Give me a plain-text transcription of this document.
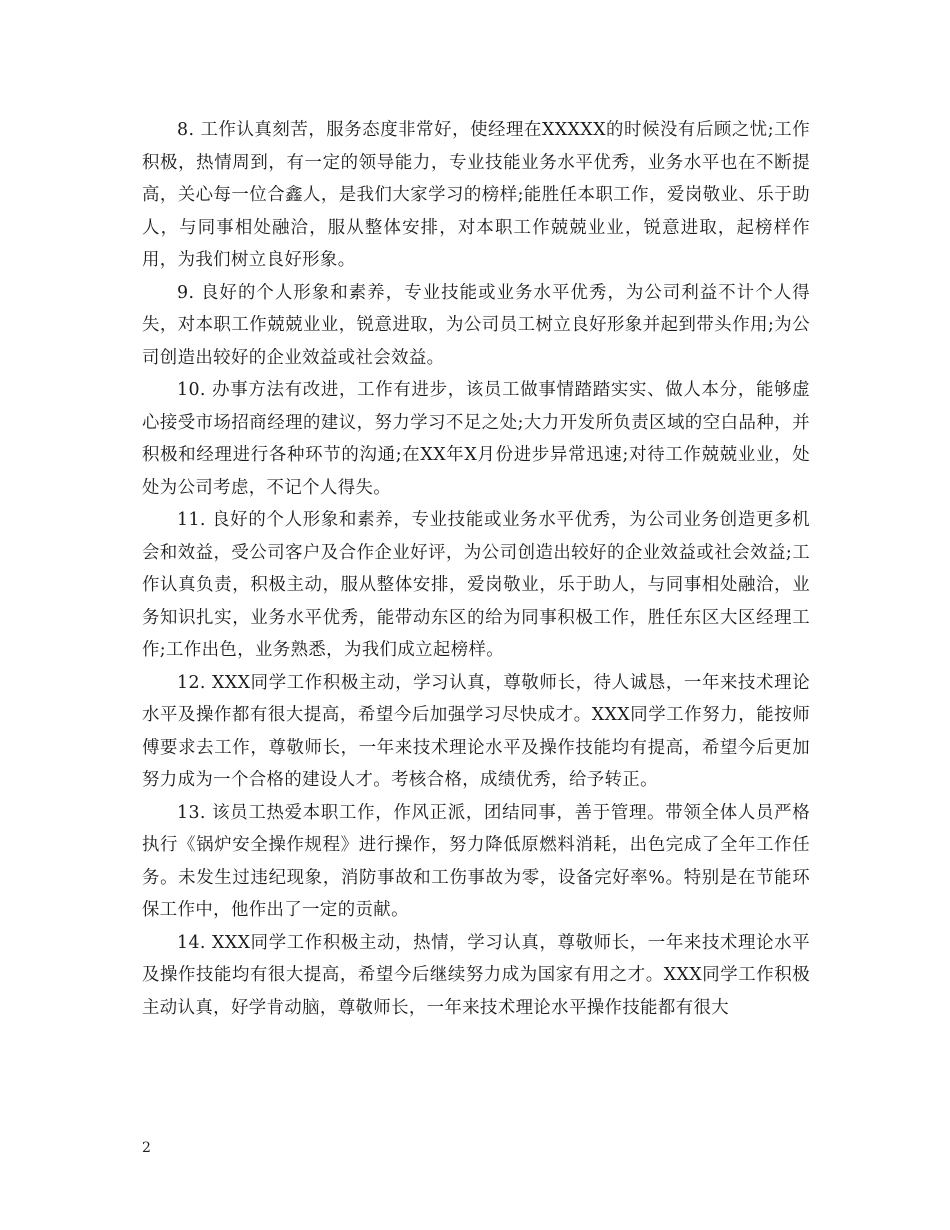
8. 工作认真刻苦，服务态度非常好，使经理在XXXXX的时候没有后顾之忧;工作积极，热情周到，有一定的领导能力，专业技能业务水平优秀，业务水平也在不断提高，关心每一位合鑫人，是我们大家学习的榜样;能胜任本职工作，爱岗敬业、乐于助人，与同事相处融洽，服从整体安排，对本职工作兢兢业业，锐意进取，起榜样作用，为我们树立良好形象。

9. 良好的个人形象和素养，专业技能或业务水平优秀，为公司利益不计个人得失，对本职工作兢兢业业，锐意进取，为公司员工树立良好形象并起到带头作用;为公司创造出较好的企业效益或社会效益。

10. 办事方法有改进，工作有进步，该员工做事情踏踏实实、做人本分，能够虚心接受市场招商经理的建议，努力学习不足之处;大力开发所负责区域的空白品种，并积极和经理进行各种环节的沟通;在XX年X月份进步异常迅速;对待工作兢兢业业，处处为公司考虑，不记个人得失。

11. 良好的个人形象和素养，专业技能或业务水平优秀，为公司业务创造更多机会和效益，受公司客户及合作企业好评，为公司创造出较好的企业效益或社会效益;工作认真负责，积极主动，服从整体安排，爱岗敬业，乐于助人，与同事相处融洽，业务知识扎实，业务水平优秀，能带动东区的给为同事积极工作，胜任东区大区经理工作;工作出色，业务熟悉，为我们成立起榜样。

12. XXX同学工作积极主动，学习认真，尊敬师长，待人诚恳，一年来技术理论水平及操作都有很大提高，希望今后加强学习尽快成才。XXX同学工作努力，能按师傅要求去工作，尊敬师长，一年来技术理论水平及操作技能均有提高，希望今后更加努力成为一个合格的建设人才。考核合格，成绩优秀，给予转正。

13. 该员工热爱本职工作，作风正派，团结同事，善于管理。带领全体人员严格执行《锅炉安全操作规程》进行操作，努力降低原燃料消耗，出色完成了全年工作任务。未发生过违纪现象，消防事故和工伤事故为零，设备完好率%。特别是在节能环保工作中，他作出了一定的贡献。

14. XXX同学工作积极主动，热情，学习认真，尊敬师长，一年来技术理论水平及操作技能均有很大提高，希望今后继续努力成为国家有用之才。XXX同学工作积极主动认真，好学肯动脑，尊敬师长，一年来技术理论水平操作技能都有很大

2
